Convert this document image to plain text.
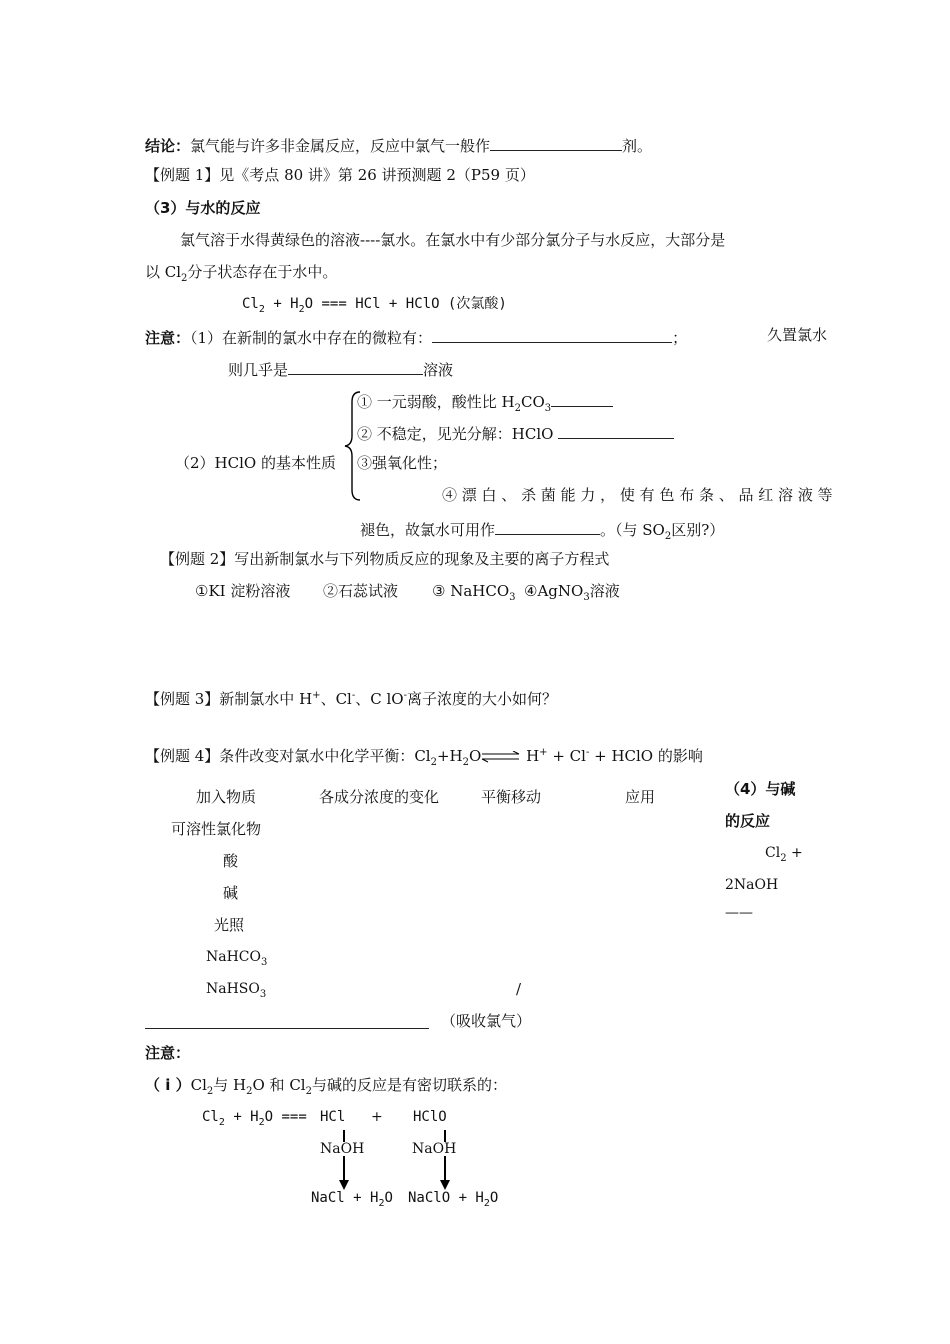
结论：氯气能与许多非金属反应，反应中氯气一般作	剂。
【例题 1】见《考点 80 讲》第 26 讲预测题 2（P59 页）
（3）与水的反应
氯气溶于水得黄绿色的溶液----氯水。在氯水中有少部分氯分子与水反应，大部分是
以 $Cl_2$分子状态存在于水中。
$Cl_2 + H_2O$ === HCl + HClO (次氯酸)
注意：（1）在新制的氯水中存在的微粒有：	；	久置氯水
则几乎是	溶液
① 一元弱酸，酸性比 $H_2CO_3$
② 不稳定，见光分解：HClO
（2）HClO 的基本性质 ③强氧化性；
④ 漂 白 、 杀 菌 能 力 ， 使 有 色 布 条 、 品 红 溶 液 等
褪色，故氯水可用作	。（与 $SO_2$区别?）
【例题 2】写出新制氯水与下列物质反应的现象及主要的离子方程式
①KI 淀粉溶液 ②石蕊试液 ③ NaHCO$_3$ ④AgNO$_3$溶液
【例题 3】新制氯水中 H+、Cl-、C lO-离子浓度的大小如何？
【例题 4】条件改变对氯水中化学平衡：$Cl_2+H_2O\rightleftharpoons$ H+ + Cl- + HClO 的影响
加入物质	各成分浓度的变化	平衡移动	应用
可溶性氯化物
酸
碱
光照
NaHCO$_3$
NaHSO$_3$	/
（吸收氯气）
（4）与碱
的反应
$Cl_2$ +
2NaOH
——
注意：
（ i ）$Cl_2$与 $H_2O$ 和 $Cl_2$与碱的反应是有密切联系的：
$Cl_2 + H_2O$ === HCl + HClO
NaOH	NaOH
NaCl + $H_2O$ NaClO + $H_2O$
